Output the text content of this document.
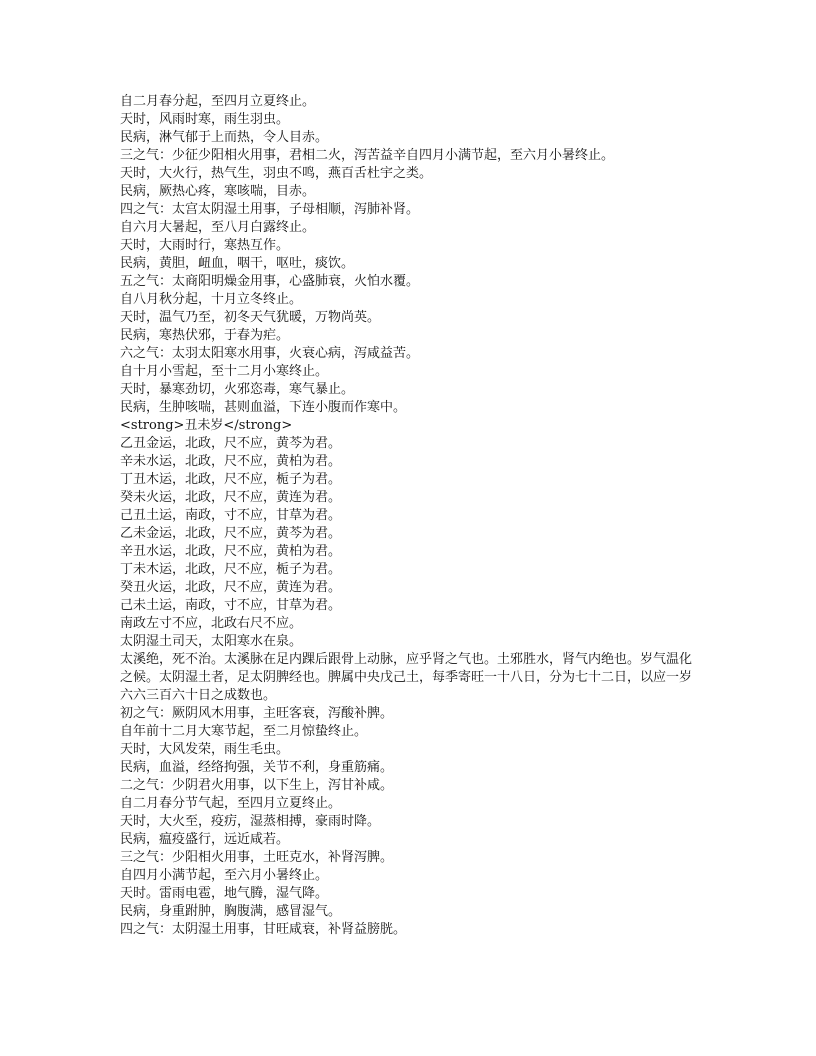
自二月春分起，至四月立夏终止。

天时，风雨时寒，雨生羽虫。

民病，淋气郁于上而热，令人目赤。

三之气：少征少阳相火用事，君相二火，泻苦益辛自四月小满节起，至六月小暑终止。

天时，大火行，热气生，羽虫不鸣，燕百舌杜宇之类。

民病，厥热心疼，寒咳喘，目赤。

四之气：太宫太阴湿土用事，子母相顺，泻肺补肾。

自六月大暑起，至八月白露终止。

天时，大雨时行，寒热互作。

民病，黄胆，衄血，咽干，呕吐，痰饮。

五之气：太商阳明燥金用事，心盛肺衰，火怕水覆。

自八月秋分起，十月立冬终止。

天时，温气乃至，初冬天气犹暖，万物尚英。

民病，寒热伏邪，于春为疟。

六之气：太羽太阳寒水用事，火衰心病，泻咸益苦。

自十月小雪起，至十二月小寒终止。

天时，暴寒劲切，火邪恣毒，寒气暴止。

民病，生肿咳喘，甚则血溢，下连小腹而作寒中。

<strong>丑未岁</strong>

乙丑金运，北政，尺不应，黄芩为君。

辛未水运，北政，尺不应，黄柏为君。

丁丑木运，北政，尺不应，栀子为君。

癸未火运，北政，尺不应，黄连为君。

己丑土运，南政，寸不应，甘草为君。

乙未金运，北政，尺不应，黄芩为君。

辛丑水运，北政，尺不应，黄柏为君。

丁未木运，北政，尺不应，栀子为君。

癸丑火运，北政，尺不应，黄连为君。

己未土运，南政，寸不应，甘草为君。

南政左寸不应，北政右尺不应。

太阴湿土司天，太阳寒水在泉。

太溪绝，死不治。太溪脉在足内踝后跟骨上动脉，应乎肾之气也。土邪胜水，肾气内绝也。岁气温化之候。太阴湿土者，足太阴脾经也。脾属中央戊己土，每季寄旺一十八日，分为七十二日，以应一岁六六三百六十日之成数也。

初之气：厥阴风木用事，主旺客衰，泻酸补脾。

自年前十二月大寒节起，至二月惊蛰终止。

天时，大风发荣，雨生毛虫。

民病，血溢，经络拘强，关节不利，身重筋痛。

二之气：少阴君火用事，以下生上，泻甘补咸。

自二月春分节气起，至四月立夏终止。

天时，大火至，疫疠，湿蒸相搏，豪雨时降。

民病，瘟疫盛行，远近咸若。

三之气：少阳相火用事，土旺克水，补肾泻脾。

自四月小满节起，至六月小暑终止。

天时。雷雨电雹，地气腾，湿气降。

民病，身重跗肿，胸腹满，感冒湿气。

四之气：太阴湿土用事，甘旺咸衰，补肾益膀胱。
